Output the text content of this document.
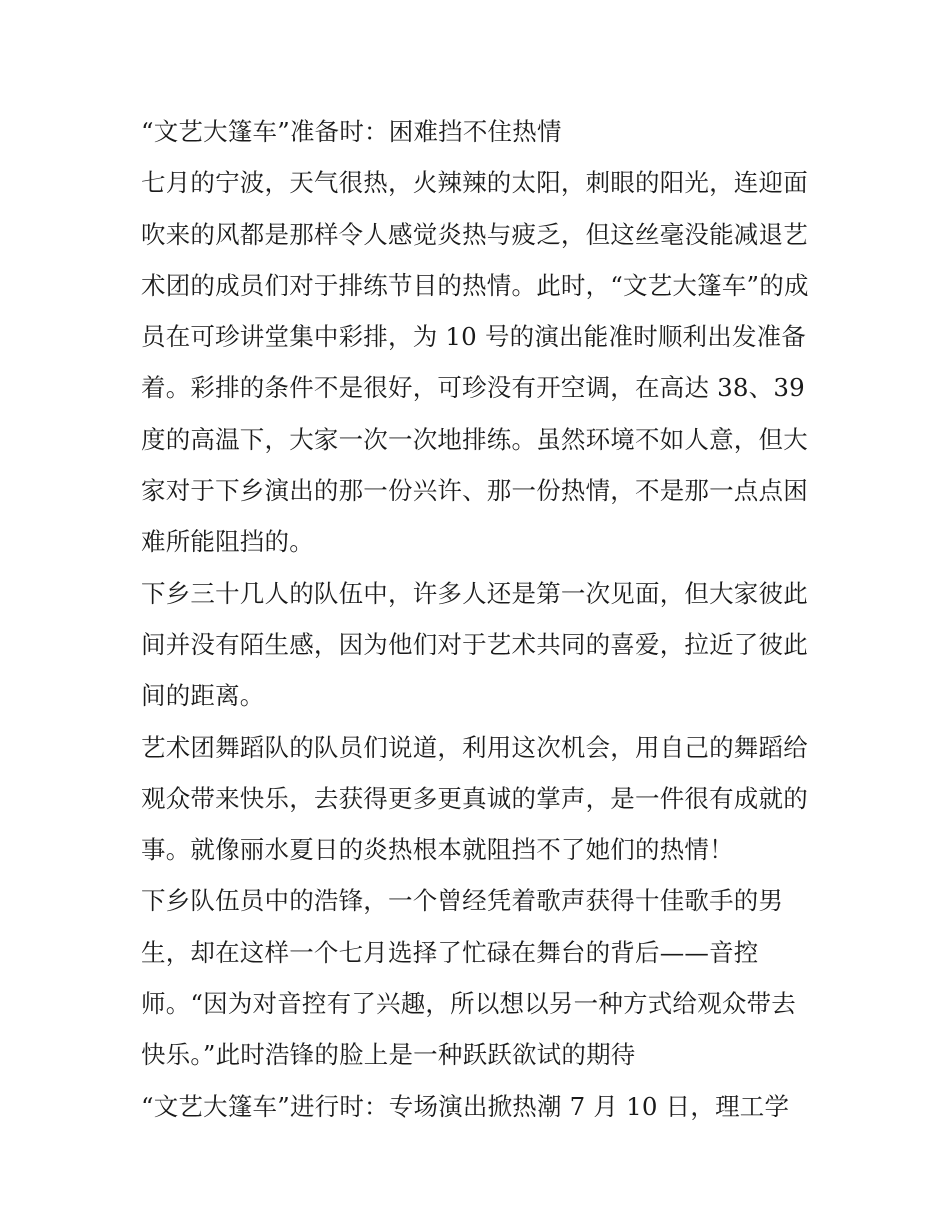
“文艺大篷车”准备时：困难挡不住热情

七月的宁波，天气很热，火辣辣的太阳，刺眼的阳光，连迎面

吹来的风都是那样令人感觉炎热与疲乏，但这丝毫没能减退艺

术团的成员们对于排练节目的热情。此时，“文艺大篷车”的成

员在可珍讲堂集中彩排，为 10 号的演出能准时顺利出发准备

着。彩排的条件不是很好，可珍没有开空调，在高达 38、39

度的高温下，大家一次一次地排练。虽然环境不如人意，但大

家对于下乡演出的那一份兴许、那一份热情，不是那一点点困

难所能阻挡的。

下乡三十几人的队伍中，许多人还是第一次见面，但大家彼此

间并没有陌生感，因为他们对于艺术共同的喜爱，拉近了彼此

间的距离。

艺术团舞蹈队的队员们说道，利用这次机会，用自己的舞蹈给

观众带来快乐，去获得更多更真诚的掌声，是一件很有成就的

事。就像丽水夏日的炎热根本就阻挡不了她们的热情！

下乡队伍员中的浩锋，一个曾经凭着歌声获得十佳歌手的男

生，却在这样一个七月选择了忙碌在舞台的背后——音控

师。“因为对音控有了兴趣，所以想以另一种方式给观众带去

快乐。”此时浩锋的脸上是一种跃跃欲试的期待

“文艺大篷车”进行时：专场演出掀热潮 7 月 10 日，理工学
